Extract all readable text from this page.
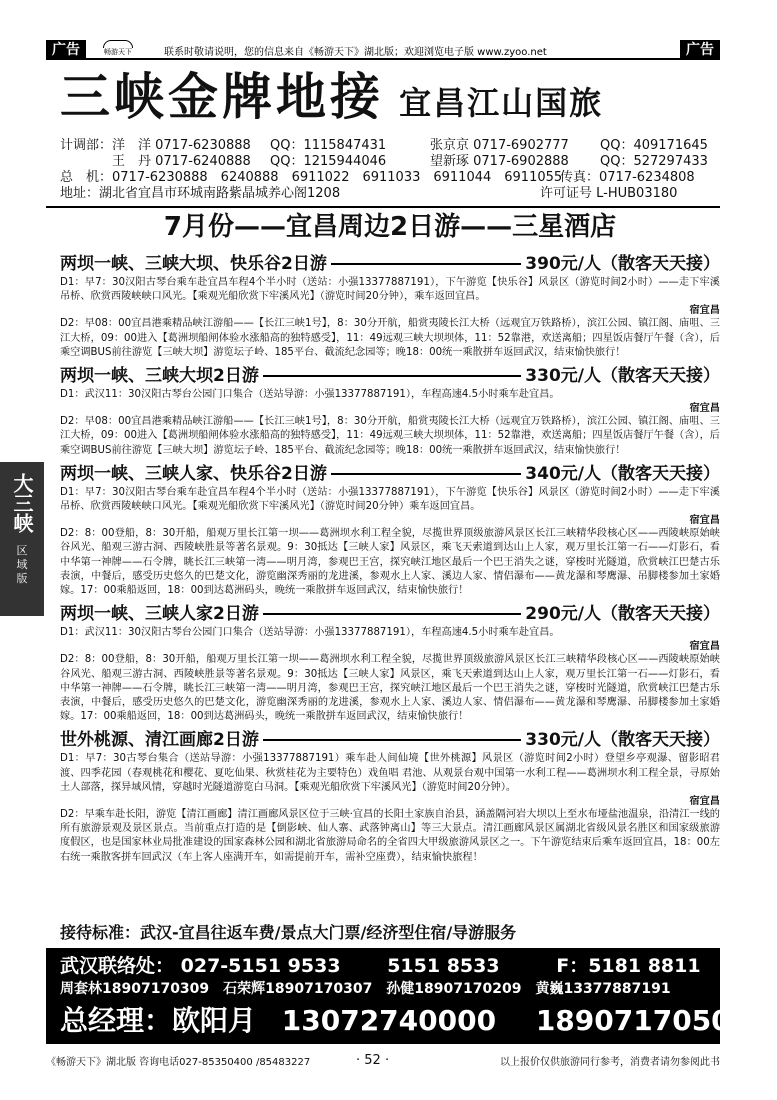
广告	畅游天下	联系时敬请说明，您的信息来自《畅游天下》湖北版；欢迎浏览电子版 www.zyoo.net	广告
三峡金牌地接 宜昌江山国旅
计调部：洋　洋 0717-6230888	QQ：1115847431	张京京 0717-6902777	QQ：409171645
　　　　王　丹 0717-6240888	QQ：1215944046	望新琢 0717-6902888	QQ：527297433
总　机：0717-6230888　6240888　6911022　6911033　6911044　6911055
传真：0717-6234808
地址：湖北省宜昌市环城南路紫晶城养心阁1208	许可证号 L-HUB03180
7月份——宜昌周边2日游——三星酒店
大三峡
区
域
版
两坝一峡、三峡大坝、快乐谷2日游	390元/人（散客天天接）
D1：早7：30汉阳古琴台乘车赴宜昌车程4个半小时（送站：小强13377887191），下午游览【快乐谷】风景区（游览时间2小时）——走下牢溪吊桥、欣赏西陵峡峡口风光。【乘观光船欣赏下牢溪风光】（游览时间20分钟），乘车返回宜昌。
宿宜昌
D2：早08：00宜昌港乘精品峡江游船——【长江三峡1号】，8：30分开航，船赏夷陵长江大桥（远观宜万铁路桥），滨江公园、镇江阁、庙咀、三江大桥，09：00进入【葛洲坝船闸体验水涨船高的独特感受】，11：49远观三峡大坝坝体，11：52靠港，欢送离船；四星饭店餐厅午餐（含），后乘空调BUS前往游览【三峡大坝】游览坛子岭、185平台、截流纪念园等；晚18：00统一乘散拼车返回武汉，结束愉快旅行！
两坝一峡、三峡大坝2日游	330元/人（散客天天接）
D1：武汉11：30汉阳古琴台公园门口集合（送站导游：小强13377887191），车程高速4.5小时乘车赴宜昌。
宿宜昌
D2：早08：00宜昌港乘精品峡江游船——【长江三峡1号】，8：30分开航，船赏夷陵长江大桥（远观宜万铁路桥），滨江公园、镇江阁、庙咀、三江大桥，09：00进入【葛洲坝船闸体验水涨船高的独特感受】，11：49远观三峡大坝坝体，11：52靠港，欢送离船；四星饭店餐厅午餐（含），后乘空调BUS前往游览【三峡大坝】游览坛子岭、185平台、截流纪念园等；晚18：00统一乘散拼车返回武汉，结束愉快旅行！
两坝一峡、三峡人家、快乐谷2日游	340元/人（散客天天接）
D1：早7：30汉阳古琴台乘车赴宜昌车程4个半小时（送站：小强13377887191），下午游览【快乐谷】风景区（游览时间2小时）——走下牢溪吊桥、欣赏西陵峡峡口风光。【乘观光船欣赏下牢溪风光】（游览时间20分钟）乘车返回宜昌。
宿宜昌
D2：8：00登船，8：30开船，船观万里长江第一坝——葛洲坝水利工程全貌，尽揽世界顶级旅游风景区长江三峡精华段核心区——西陵峡原始峡谷风光、船观三游古洞、西陵峡胜景等著名景观。9：30抵达【三峡人家】风景区，乘飞天索道到达山上人家，观万里长江第一石——灯影石，看中华第一神牌——石令牌，眺长江三峡第一湾——明月湾，参观巴王宫，探究峡江地区最后一个巴王消失之谜，穿梭时光隧道，欣赏峡江巴楚古乐表演，中餐后，感受历史悠久的巴楚文化，游览幽深秀丽的龙进溪，参观水上人家、溪边人家、情侣瀑布——黄龙瀑和琴鹰瀑、吊脚楼参加土家婚嫁。17：00乘船返回，18：00到达葛洲码头，晚统一乘散拼车返回武汉，结束愉快旅行！
两坝一峡、三峡人家2日游	290元/人（散客天天接）
D1：武汉11：30汉阳古琴台公园门口集合（送站导游：小强13377887191），车程高速4.5小时乘车赴宜昌。
宿宜昌
D2：8：00登船，8：30开船，船观万里长江第一坝——葛洲坝水利工程全貌，尽揽世界顶级旅游风景区长江三峡精华段核心区——西陵峡原始峡谷风光、船观三游古洞、西陵峡胜景等著名景观。9：30抵达【三峡人家】风景区，乘飞天索道到达山上人家，观万里长江第一石——灯影石，看中华第一神牌——石令牌，眺长江三峡第一湾——明月湾，参观巴王宫，探究峡江地区最后一个巴王消失之谜，穿梭时光隧道，欣赏峡江巴楚古乐表演，中餐后，感受历史悠久的巴楚文化，游览幽深秀丽的龙进溪，参观水上人家、溪边人家、情侣瀑布——黄龙瀑和琴鹰瀑、吊脚楼参加土家婚嫁。17：00乘船返回，18：00到达葛洲码头，晚统一乘散拼车返回武汉，结束愉快旅行！
世外桃源、清江画廊2日游	330元/人（散客天天接）
D1：早7：30古琴台集合（送站导游：小强13377887191）乘车赴人间仙境【世外桃源】风景区（游览时间2小时）登望乡亭观瀑、留影昭君渡、四季花园（春观桃花和樱花、夏吃仙果、秋赏桂花为主要特色）戏鱼唱 君池、从观景台观中国第一水利工程——葛洲坝水利工程全景，寻原始土人部落，探异域风情，穿越时光隧道游览白马洞。【乘观光船欣赏下牢溪风光】（游览时间20分钟）。
宿宜昌
D2：早乘车赴长阳，游览【清江画廊】清江画廊风景区位于三峡·宜昌的长阳土家族自治县，涵盖隔河岩大坝以上至水布垭盐池温泉，沿清江一线的所有旅游景观及景区景点。当前重点打造的是【倒影峡、仙人寨、武落钟离山】等三大景点。清江画廊风景区属湖北省级风景名胜区和国家级旅游度假区，也是国家林业局批准建设的国家森林公园和湖北省旅游局命名的全省四大甲级旅游风景区之一。下午游览结束后乘车返回宜昌，18：00左右统一乘散客拼车回武汉（车上客人座满开车，如需提前开车，需补空座费），结束愉快旅程！
接待标准：武汉-宜昌往返车费/景点大门票/经济型住宿/导游服务
武汉联络处： 027-5151 9533 5151 8533	F：5181 8811
周套林18907170309　石荣辉18907170307　孙健18907170209　黄巍13377887191
总经理：欧阳月 13072740000 18907170506
《畅游天下》湖北版 咨询电话027-85350400 /85483227	· 52 ·	以上报价仅供旅游同行参考，消费者请勿参阅此书
